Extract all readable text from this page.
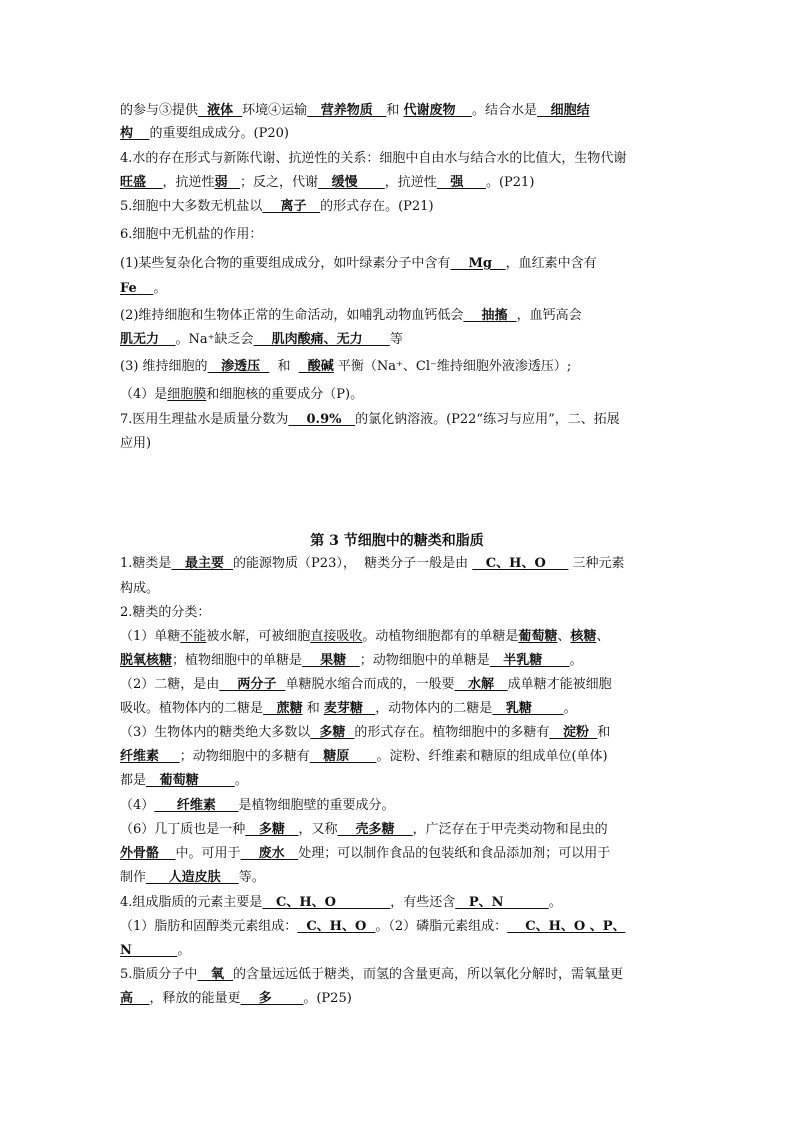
的参与③提供  液体  环境④运输   营养物质   和 代谢废物 。结合水是   细胞结
构 的重要组成成分。(P20)
4.水的存在形式与新陈代谢、抗逆性的关系：细胞中自由水与结合水的比值大，生物代谢
旺盛 ，抗逆性弱 ；反之，代谢   缓慢      ，抗逆性   强     。(P21)
5.细胞中大多数无机盐以    离子   的形式存在。(P21)
6.细胞中无机盐的作用：
(1)某些复杂化合物的重要组成成分，如叶绿素分子中含有    Mg   ，血红素中含有
Fe 。
(2)维持细胞和生物体正常的生命活动，如哺乳动物血钙低会    抽搐  ，血钙高会
肌无力 。Na⁺缺乏会    肌肉酸痛、无力      等
(3) 维持细胞的   渗透压    和    酸碱 平衡（Na⁺、Cl⁻维持细胞外液渗透压）;
（4）是细胞膜和细胞核的重要成分（P)。
7.医用生理盐水是质量分数为    0.9%   的氯化钠溶液。(P22“练习与应用”，二、拓展
应用)
第 3 节细胞中的糖类和脂质
1.糖类是   最主要  的能源物质（P23），  糖类分子一般是由    C、H、O      三种元素
构成。
2.糖类的分类：
（1）单糖不能被水解，可被细胞直接吸收。动植物细胞都有的单糖是葡萄糖、核糖、
脱氧核糖；植物细胞中的单糖是    果糖   ；动物细胞中的单糖是   半乳糖      。
（2）二糖，是由    两分子  单糖脱水缩合而成的，一般要   水解   成单糖才能被细胞
吸收。植物体内的二糖是   蔗糖 和 麦芽糖 ，动物体内的二糖是   乳糖       。
（3）生物体内的糖类绝大多数以  多糖  的形式存在。植物细胞中的多糖有   淀粉 和
纤维素 ；动物细胞中的多糖有   糖原      。淀粉、纤维素和糖原的组成单位(单体)
都是   葡萄糖        。
（4）     纤维素     是植物细胞壁的重要成分。
（6）几丁质也是一种   多糖   ，又称    壳多糖    ，广泛存在于甲壳类动物和昆虫的
外骨骼 中。可用于    废水   处理；可以制作食品的包装纸和食品添加剂；可以用于
制作     人造皮肤    等。
4.组成脂质的元素主要是   C、H、O            ，有些还含   P、N          。
（1）脂肪和固醇类元素组成：  C、H、O  。（2）磷脂元素组成：    C、H、O 、P、
N	。
5.脂质分子中   氧  的含量远远低于糖类，而氢的含量更高，所以氧化分解时，需氧量更
高 ，释放的能量更    多       。(P25)
